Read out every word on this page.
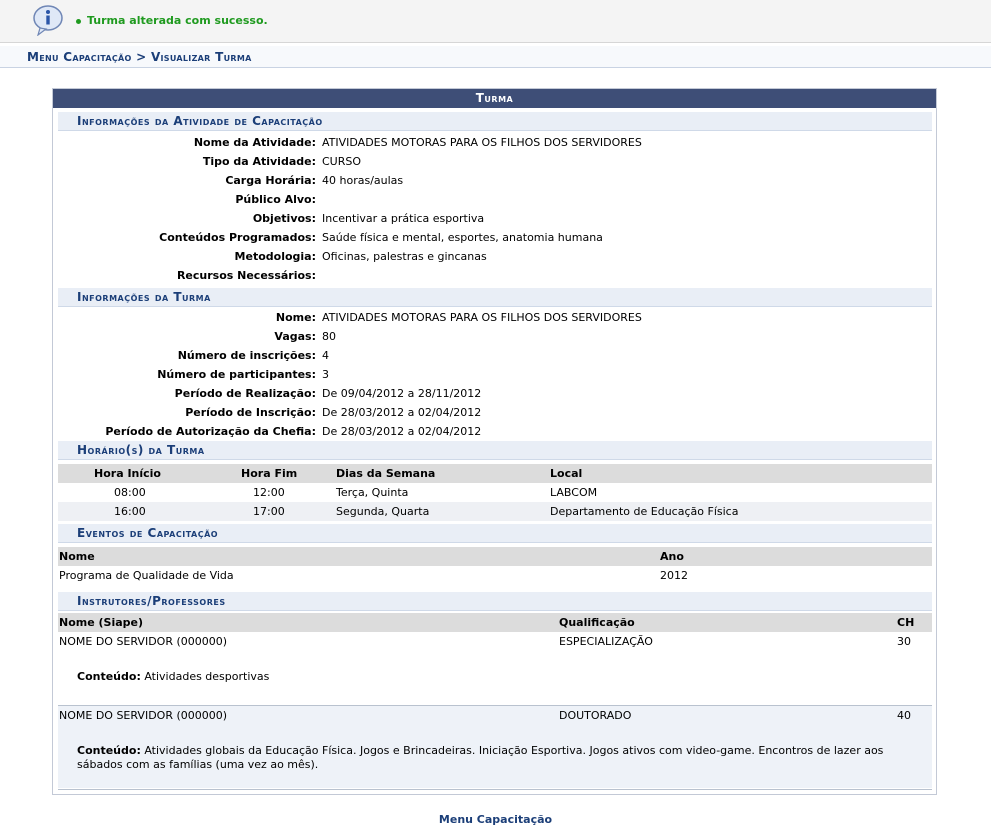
Turma alterada com sucesso.
Menu Capacitação > Visualizar Turma
Turma
Informações da Atividade de Capacitação
Nome da Atividade: ATIVIDADES MOTORAS PARA OS FILHOS DOS SERVIDORES
Tipo da Atividade: CURSO
Carga Horária: 40 horas/aulas
Público Alvo:
Objetivos: Incentivar a prática esportiva
Conteúdos Programados: Saúde física e mental, esportes, anatomia humana
Metodologia: Oficinas, palestras e gincanas
Recursos Necessários:
Informações da Turma
Nome: ATIVIDADES MOTORAS PARA OS FILHOS DOS SERVIDORES
Vagas: 80
Número de inscrições: 4
Número de participantes: 3
Período de Realização: De 09/04/2012 a 28/11/2012
Período de Inscrição: De 28/03/2012 a 02/04/2012
Período de Autorização da Chefia: De 28/03/2012 a 02/04/2012
Horário(s) da Turma
Hora Início	Hora Fim	Dias da Semana	Local
08:00	12:00	Terça, Quinta	LABCOM
16:00	17:00	Segunda, Quarta	Departamento de Educação Física
Eventos de Capacitação
Nome	Ano
Programa de Qualidade de Vida	2012
Instrutores/Professores
Nome (Siape)	Qualificação	CH
NOME DO SERVIDOR (000000)	ESPECIALIZAÇÃO	30
Conteúdo: Atividades desportivas
NOME DO SERVIDOR (000000)	DOUTORADO	40
Conteúdo: Atividades globais da Educação Física. Jogos e Brincadeiras. Iniciação Esportiva. Jogos ativos com video-game. Encontros de lazer aos sábados com as famílias (uma vez ao mês).
Menu Capacitação
